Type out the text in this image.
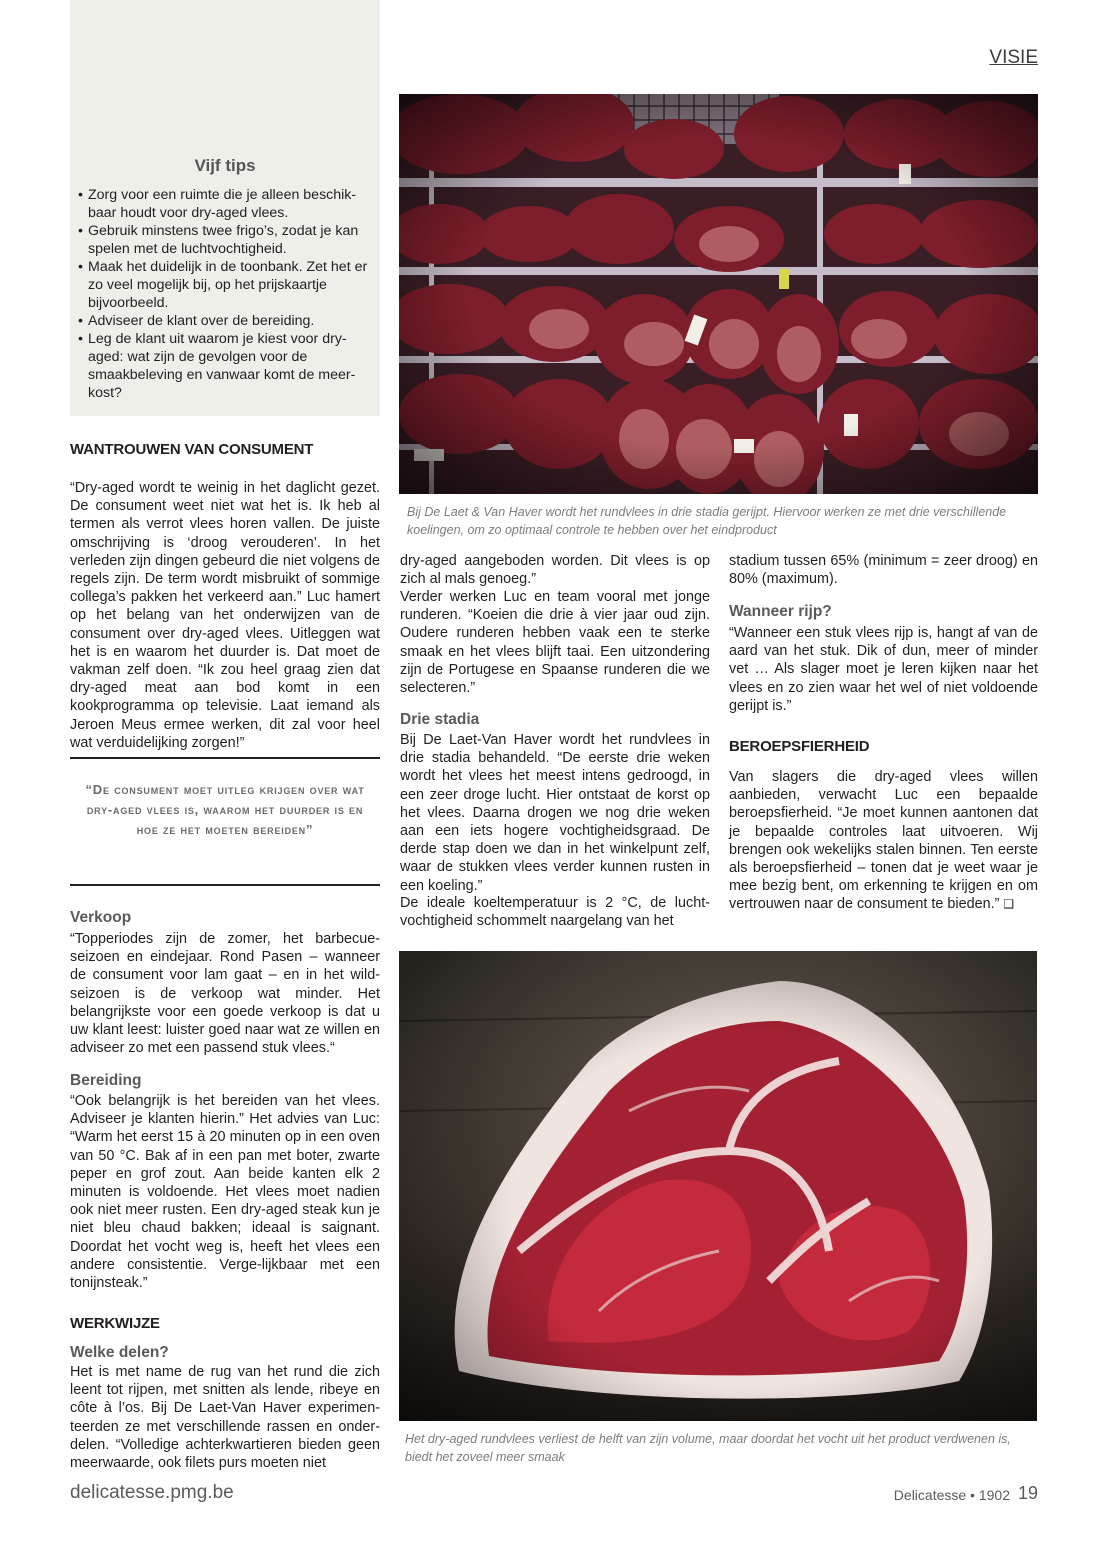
VISIE
Vijf tips
• Zorg voor een ruimte die je alleen beschik-baar houdt voor dry-aged vlees.
• Gebruik minstens twee frigo’s, zodat je kan spelen met de luchtvochtigheid.
• Maak het duidelijk in de toonbank. Zet het er zo veel mogelijk bij, op het prijskaartje bijvoorbeeld.
• Adviseer de klant over de bereiding.
• Leg de klant uit waarom je kiest voor dry-aged: wat zijn de gevolgen voor de smaakbeleving en vanwaar komt de meer-kost?
WANTROUWEN VAN CONSUMENT

“Dry-aged wordt te weinig in het daglicht gezet. De consument weet niet wat het is. Ik heb al termen als verrot vlees horen vallen. De juiste omschrijving is ‘droog verouderen’. In het verleden zijn dingen gebeurd die niet volgens de regels zijn. De term wordt misbruikt of sommige collega’s pakken het verkeerd aan.” Luc hamert op het belang van het onderwijzen van de consument over dry-aged vlees. Uitleggen wat het is en waarom het duurder is. Dat moet de vakman zelf doen. “Ik zou heel graag zien dat dry-aged meat aan bod komt in een kookprogramma op televisie. Laat iemand als Jeroen Meus ermee werken, dit zal voor heel wat verduidelijking zorgen!”

“De consument moet uitleg krijgen over wat dry-aged vlees is, waarom het duurder is en hoe ze het moeten bereiden”
Verkoop

“Topperiodes zijn de zomer, het barbecue-seizoen en eindejaar. Rond Pasen – wanneer de consument voor lam gaat – en in het wild-seizoen is de verkoop wat minder. Het belangrijkste voor een goede verkoop is dat u uw klant leest: luister goed naar wat ze willen en adviseer zo met een passend stuk vlees.“

Bereiding

“Ook belangrijk is het bereiden van het vlees. Adviseer je klanten hierin.” Het advies van Luc: “Warm het eerst 15 à 20 minuten op in een oven van 50 °C. Bak af in een pan met boter, zwarte peper en grof zout. Aan beide kanten elk 2 minuten is voldoende. Het vlees moet nadien ook niet meer rusten. Een dry-aged steak kun je niet bleu chaud bakken; ideaal is saignant. Doordat het vocht weg is, heeft het vlees een andere consistentie. Verge-lijkbaar met een tonijnsteak.”

WERKWIJZE
Welke delen?

Het is met name de rug van het rund die zich leent tot rijpen, met snitten als lende, ribeye en côte à l’os. Bij De Laet-Van Haver experimen-teerden ze met verschillende rassen en onder-delen. “Volledige achterkwartieren bieden geen meerwaarde, ook filets purs moeten niet

Bij De Laet & Van Haver wordt het rundvlees in drie stadia gerijpt. Hiervoor werken ze met drie verschillende koelingen, om zo optimaal controle te hebben over het eindproduct

dry-aged aangeboden worden. Dit vlees is op zich al mals genoeg.”

Verder werken Luc en team vooral met jonge runderen. “Koeien die drie à vier jaar oud zijn. Oudere runderen hebben vaak een te sterke smaak en het vlees blijft taai. Een uitzondering zijn de Portugese en Spaanse runderen die we selecteren.”

Drie stadia

Bij De Laet-Van Haver wordt het rundvlees in drie stadia behandeld. “De eerste drie weken wordt het vlees het meest intens gedroogd, in een zeer droge lucht. Hier ontstaat de korst op het vlees. Daarna drogen we nog drie weken aan een iets hogere vochtigheidsgraad. De derde stap doen we dan in het winkelpunt zelf, waar de stukken vlees verder kunnen rusten in een koeling.”

De ideale koeltemperatuur is 2 °C, de lucht-vochtigheid schommelt naargelang van het

stadium tussen 65% (minimum = zeer droog) en 80% (maximum).

Wanneer rijp?

“Wanneer een stuk vlees rijp is, hangt af van de aard van het stuk. Dik of dun, meer of minder vet … Als slager moet je leren kijken naar het vlees en zo zien waar het wel of niet voldoende gerijpt is.”

BEROEPSFIERHEID

Van slagers die dry-aged vlees willen aanbieden, verwacht Luc een bepaalde beroepsfierheid. “Je moet kunnen aantonen dat je bepaalde controles laat uitvoeren. Wij brengen ook wekelijks stalen binnen. Ten eerste als beroepsfierheid – tonen dat je weet waar je mee bezig bent, om erkenning te krijgen en om vertrouwen naar de consument te bieden.” ❑

Het dry-aged rundvlees verliest de helft van zijn volume, maar doordat het vocht uit het product verdwenen is, biedt het zoveel meer smaak

delicatesse.pmg.be	Delicatesse • 1902 19
